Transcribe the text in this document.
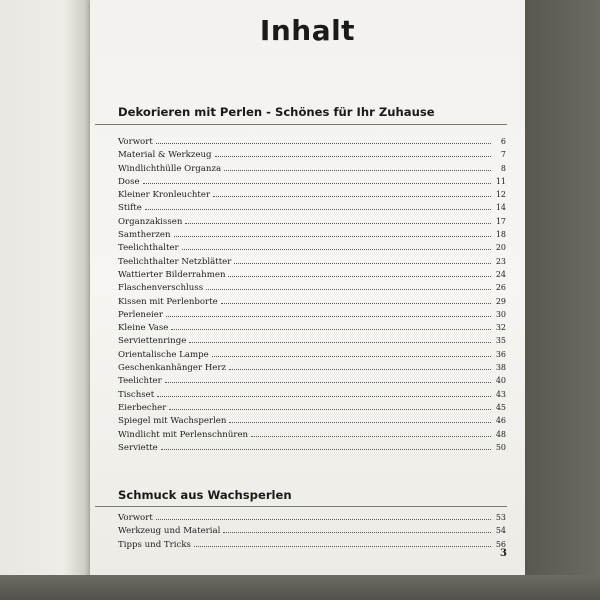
Inhalt
Dekorieren mit Perlen - Schönes für Ihr Zuhause
Vorwort	6
Material & Werkzeug	7
Windlichthülle Organza	8
Dose	11
Kleiner Kronleuchter	12
Stifte	14
Organzakissen	17
Samtherzen	18
Teelichthalter	20
Teelichthalter Netzblätter	23
Wattierter Bilderrahmen	24
Flaschenverschluss	26
Kissen mit Perlenborte	29
Perleneier	30
Kleine Vase	32
Serviettenringe	35
Orientalische Lampe	36
Geschenkanhänger Herz	38
Teelichter	40
Tischset	43
Eierbecher	45
Spiegel mit Wachsperlen	46
Windlicht mit Perlenschnüren	48
Serviette	50
Schmuck aus Wachsperlen
Vorwort	53
Werkzeug und Material	54
Tipps und Tricks	56
3
